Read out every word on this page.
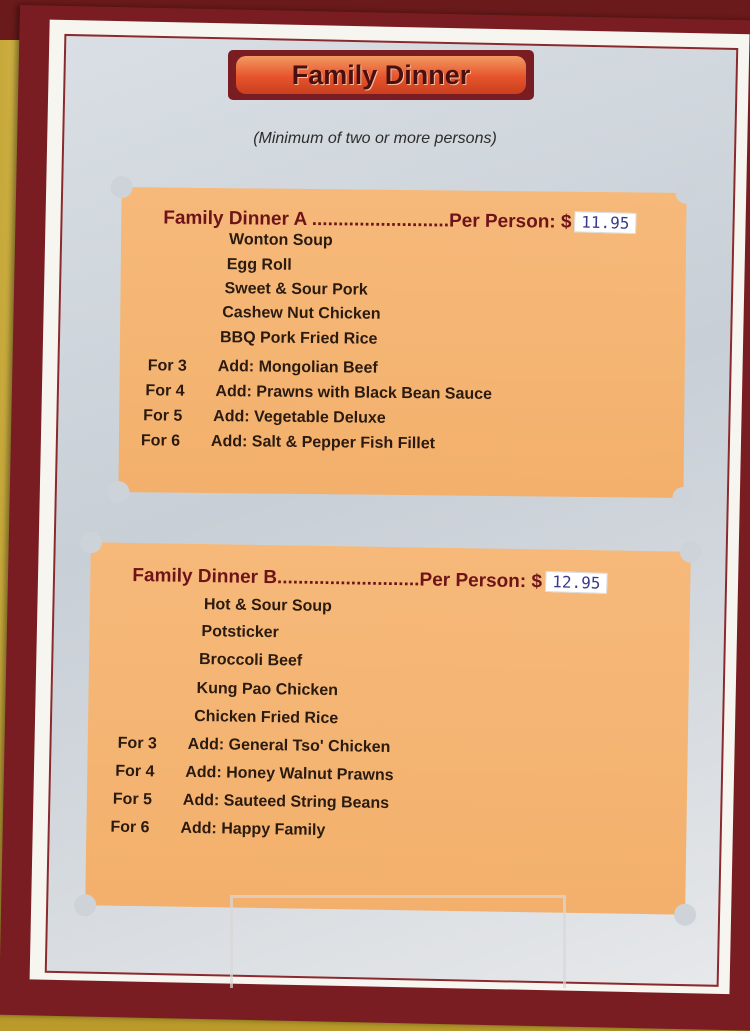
Family Dinner
(Minimum of two or more persons)
Family Dinner A ..........................Per Person: $ 11.95
Wonton Soup
Egg Roll
Sweet & Sour Pork
Cashew Nut Chicken
BBQ Pork Fried Rice
For 3 Add: Mongolian Beef
For 4 Add: Prawns with Black Bean Sauce
For 5 Add: Vegetable Deluxe
For 6 Add: Salt & Pepper Fish Fillet
Family Dinner B...........................Per Person: $ 12.95
Hot & Sour Soup
Potsticker
Broccoli Beef
Kung Pao Chicken
Chicken Fried Rice
For 3 Add: General Tso' Chicken
For 4 Add: Honey Walnut Prawns
For 5 Add: Sauteed String Beans
For 6 Add: Happy Family
